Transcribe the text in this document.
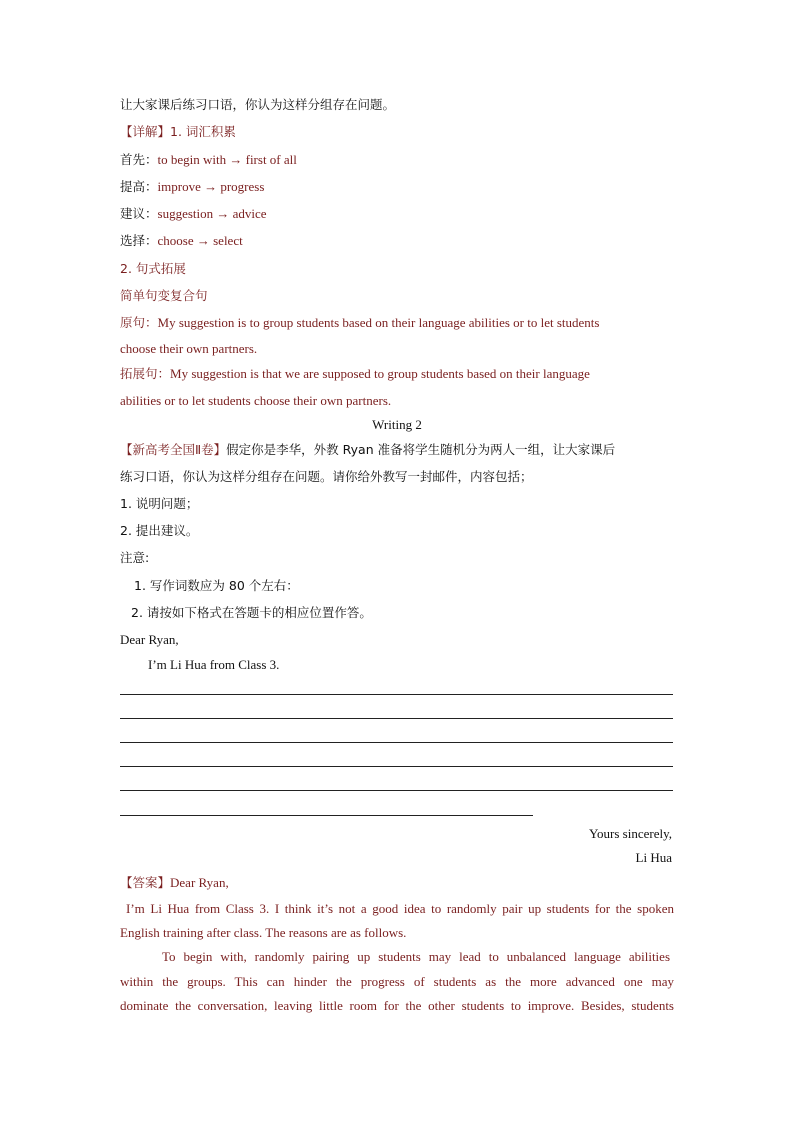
让大家课后练习口语，你认为这样分组存在问题。
【详解】1. 词汇积累
首先：to begin with → first of all
提高：improve → progress
建议：suggestion → advice
选择：choose → select
2. 句式拓展
简单句变复合句
原句：My suggestion is to group students based on their language abilities or to let students
choose their own partners.
拓展句：My suggestion is that we are supposed to group students based on their language
abilities or to let students choose their own partners.
Writing 2
【新高考全国Ⅱ卷】假定你是李华，外教 Ryan 准备将学生随机分为两人一组，让大家课后
练习口语，你认为这样分组存在问题。请你给外教写一封邮件，内容包括；
1. 说明问题；
2. 提出建议。
注意:
1. 写作词数应为 80 个左右：
2. 请按如下格式在答题卡的相应位置作答。
Dear Ryan,
I’m Li Hua from Class 3.
Yours sincerely,
Li Hua
【答案】Dear Ryan,
I’m Li Hua from Class 3. I think it’s not a good idea to randomly pair up students for the spoken
English training after class. The reasons are as follows.
To begin with, randomly pairing up students may lead to unbalanced language abilities
within the groups. This can hinder the progress of students as the more advanced one may
dominate the conversation, leaving little room for the other students to improve. Besides, students
